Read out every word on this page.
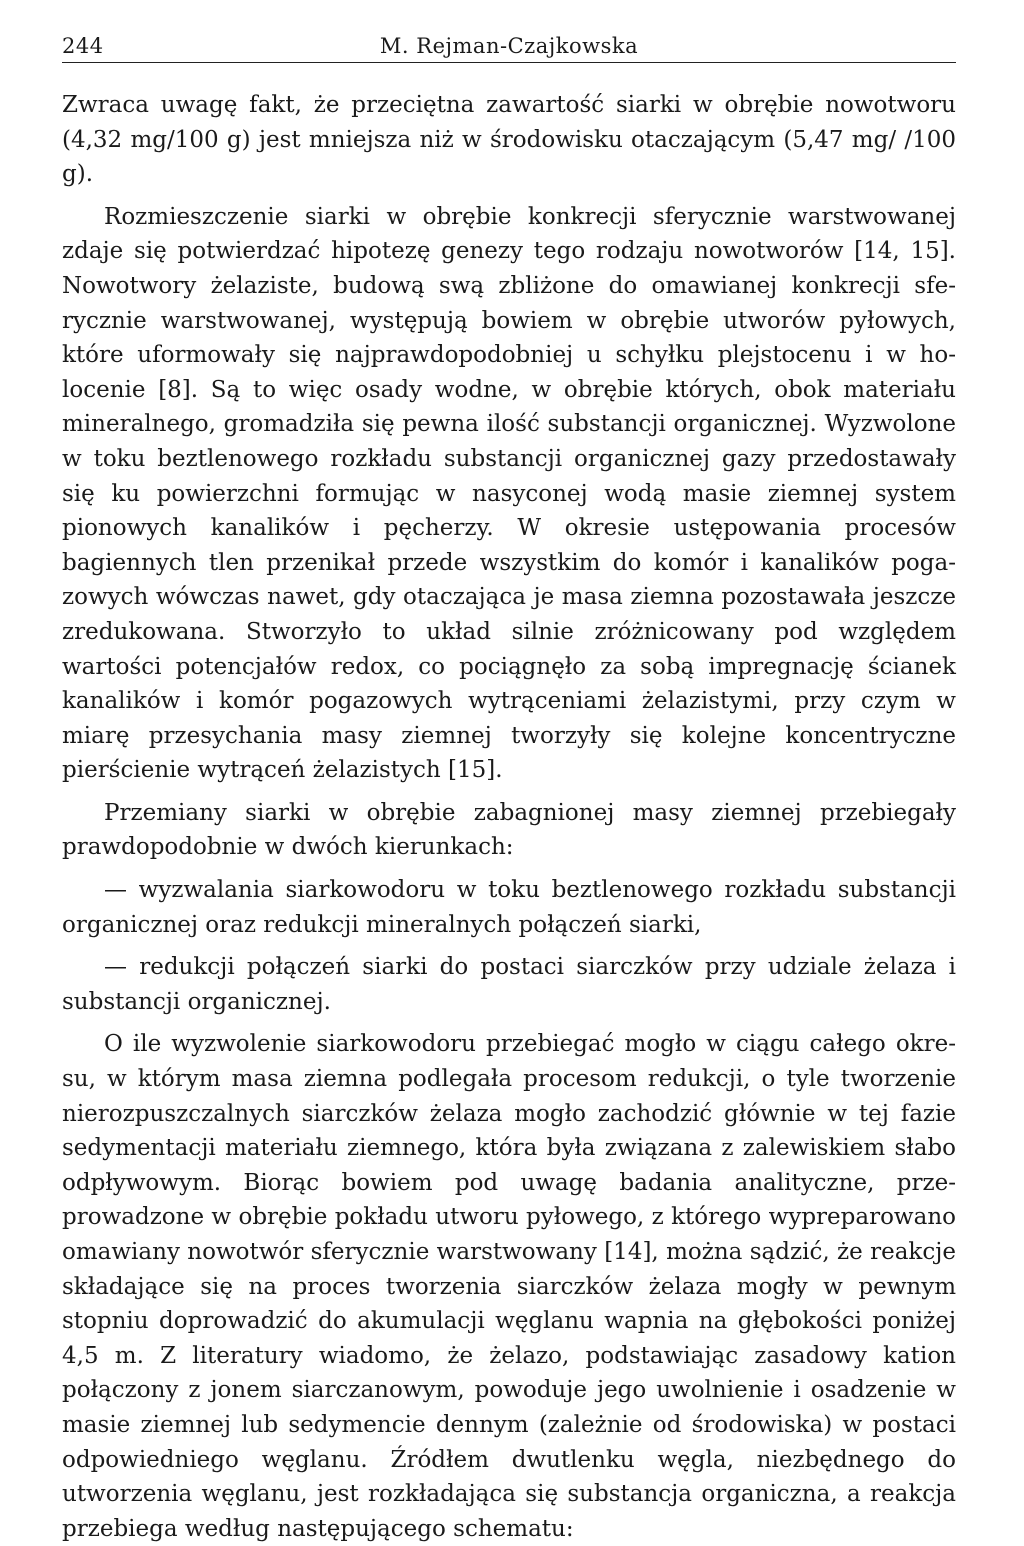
244	M. Rejman-Czajkowska

Zwraca uwagę fakt, że przeciętna zawartość siarki w obrębie nowotworu (4,32 mg/100 g) jest mniejsza niż w środowisku otaczającym (5,47 mg/ /100 g).

Rozmieszczenie siarki w obrębie konkrecji sferycznie warstwowanej zdaje się potwierdzać hipotezę genezy tego rodzaju nowotworów [14, 15]. Nowotwory żelaziste, budową swą zbliżone do omawianej konkrecji sferycznie warstwowanej, występują bowiem w obrębie utworów pyłowych, które uformowały się najprawdopodobniej u schyłku plejstocenu i w holocenie [8]. Są to więc osady wodne, w obrębie których, obok materiału mineralnego, gromadziła się pewna ilość substancji organicznej. Wyzwolone w toku beztlenowego rozkładu substancji organicznej gazy przedostawały się ku powierzchni formując w nasyconej wodą masie ziemnej system pionowych kanalików i pęcherzy. W okresie ustępowania procesów bagiennych tlen przenikał przede wszystkim do komór i kanalików pogazowych wówczas nawet, gdy otaczająca je masa ziemna pozostawała jeszcze zredukowana. Stworzyło to układ silnie zróżnicowany pod względem wartości potencjałów redox, co pociągnęło za sobą impregnację ścianek kanalików i komór pogazowych wytrąceniami żelazistymi, przy czym w miarę przesychania masy ziemnej tworzyły się kolejne koncentryczne pierścienie wytrąceń żelazistych [15].

Przemiany siarki w obrębie zabagnionej masy ziemnej przebiegały prawdopodobnie w dwóch kierunkach:

— wyzwalania siarkowodoru w toku beztlenowego rozkładu substancji organicznej oraz redukcji mineralnych połączeń siarki,

— redukcji połączeń siarki do postaci siarczków przy udziale żelaza i substancji organicznej.

O ile wyzwolenie siarkowodoru przebiegać mogło w ciągu całego okresu, w którym masa ziemna podlegała procesom redukcji, o tyle tworzenie nierozpuszczalnych siarczków żelaza mogło zachodzić głównie w tej fazie sedymentacji materiału ziemnego, która była związana z zalewiskiem słabo odpływowym. Biorąc bowiem pod uwagę badania analityczne, przeprowadzone w obrębie pokładu utworu pyłowego, z którego wypreparowano omawiany nowotwór sferycznie warstwowany [14], można sądzić, że reakcje składające się na proces tworzenia siarczków żelaza mogły w pewnym stopniu doprowadzić do akumulacji węglanu wapnia na głębokości poniżej 4,5 m. Z literatury wiadomo, że żelazo, podstawiając zasadowy kation połączony z jonem siarczanowym, powoduje jego uwolnienie i osadzenie w masie ziemnej lub sedymencie dennym (zależnie od środowiska) w postaci odpowiedniego węglanu. Źródłem dwutlenku węgla, niezbędnego do utworzenia węglanu, jest rozkładająca się substancja organiczna, a reakcja przebiega według następującego schematu:
